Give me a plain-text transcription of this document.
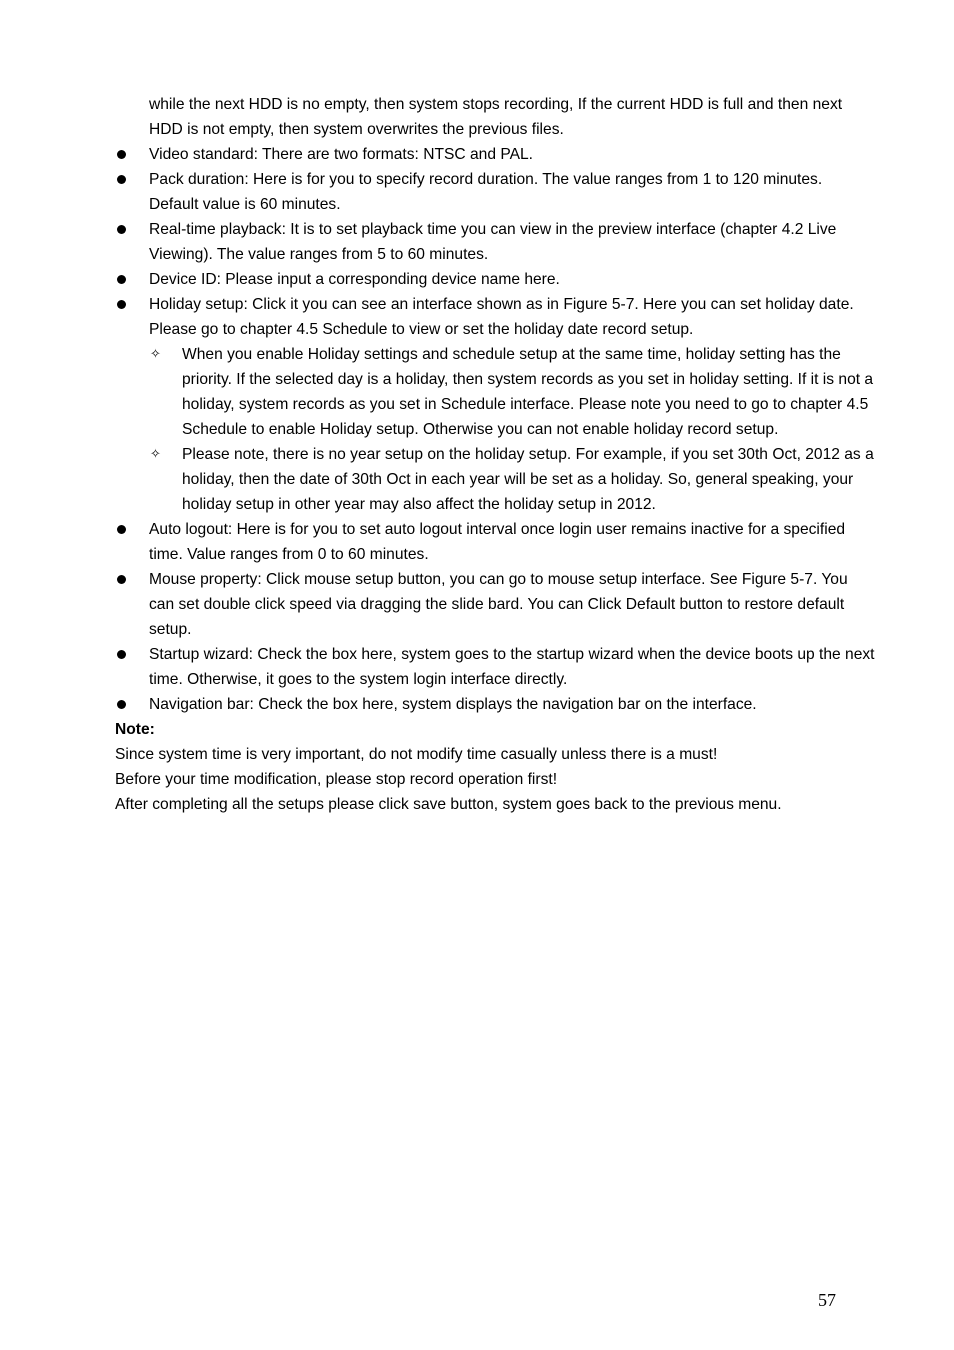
while the next HDD is no empty, then system stops recording, If the current HDD is full and then next HDD is not empty, then system overwrites the previous files.
Video standard: There are two formats: NTSC and PAL.
Pack duration: Here is for you to specify record duration. The value ranges from 1 to 120 minutes. Default value is 60 minutes.
Real-time playback: It is to set playback time you can view in the preview interface (chapter 4.2 Live Viewing). The value ranges from 5 to 60 minutes.
Device ID: Please input a corresponding device name here.
Holiday setup: Click it you can see an interface shown as in Figure 5-7. Here you can set holiday date. Please go to chapter 4.5 Schedule to view or set the holiday date record setup.
✧ When you enable Holiday settings and schedule setup at the same time, holiday setting has the priority. If the selected day is a holiday, then system records as you set in holiday setting. If it is not a holiday, system records as you set in Schedule interface. Please note you need to go to chapter 4.5 Schedule to enable Holiday setup. Otherwise you can not enable holiday record setup.
✧ Please note, there is no year setup on the holiday setup. For example, if you set 30th Oct, 2012 as a holiday, then the date of 30th Oct in each year will be set as a holiday. So, general speaking, your holiday setup in other year may also affect the holiday setup in 2012.
Auto logout: Here is for you to set auto logout interval once login user remains inactive for a specified time. Value ranges from 0 to 60 minutes.
Mouse property: Click mouse setup button, you can go to mouse setup interface. See Figure 5-7. You can set double click speed via dragging the slide bard. You can Click Default button to restore default setup.
Startup wizard: Check the box here, system goes to the startup wizard when the device boots up the next time. Otherwise, it goes to the system login interface directly.
Navigation bar: Check the box here, system displays the navigation bar on the interface.
Note:
Since system time is very important, do not modify time casually unless there is a must!
Before your time modification, please stop record operation first!
After completing all the setups please click save button, system goes back to the previous menu.
57
